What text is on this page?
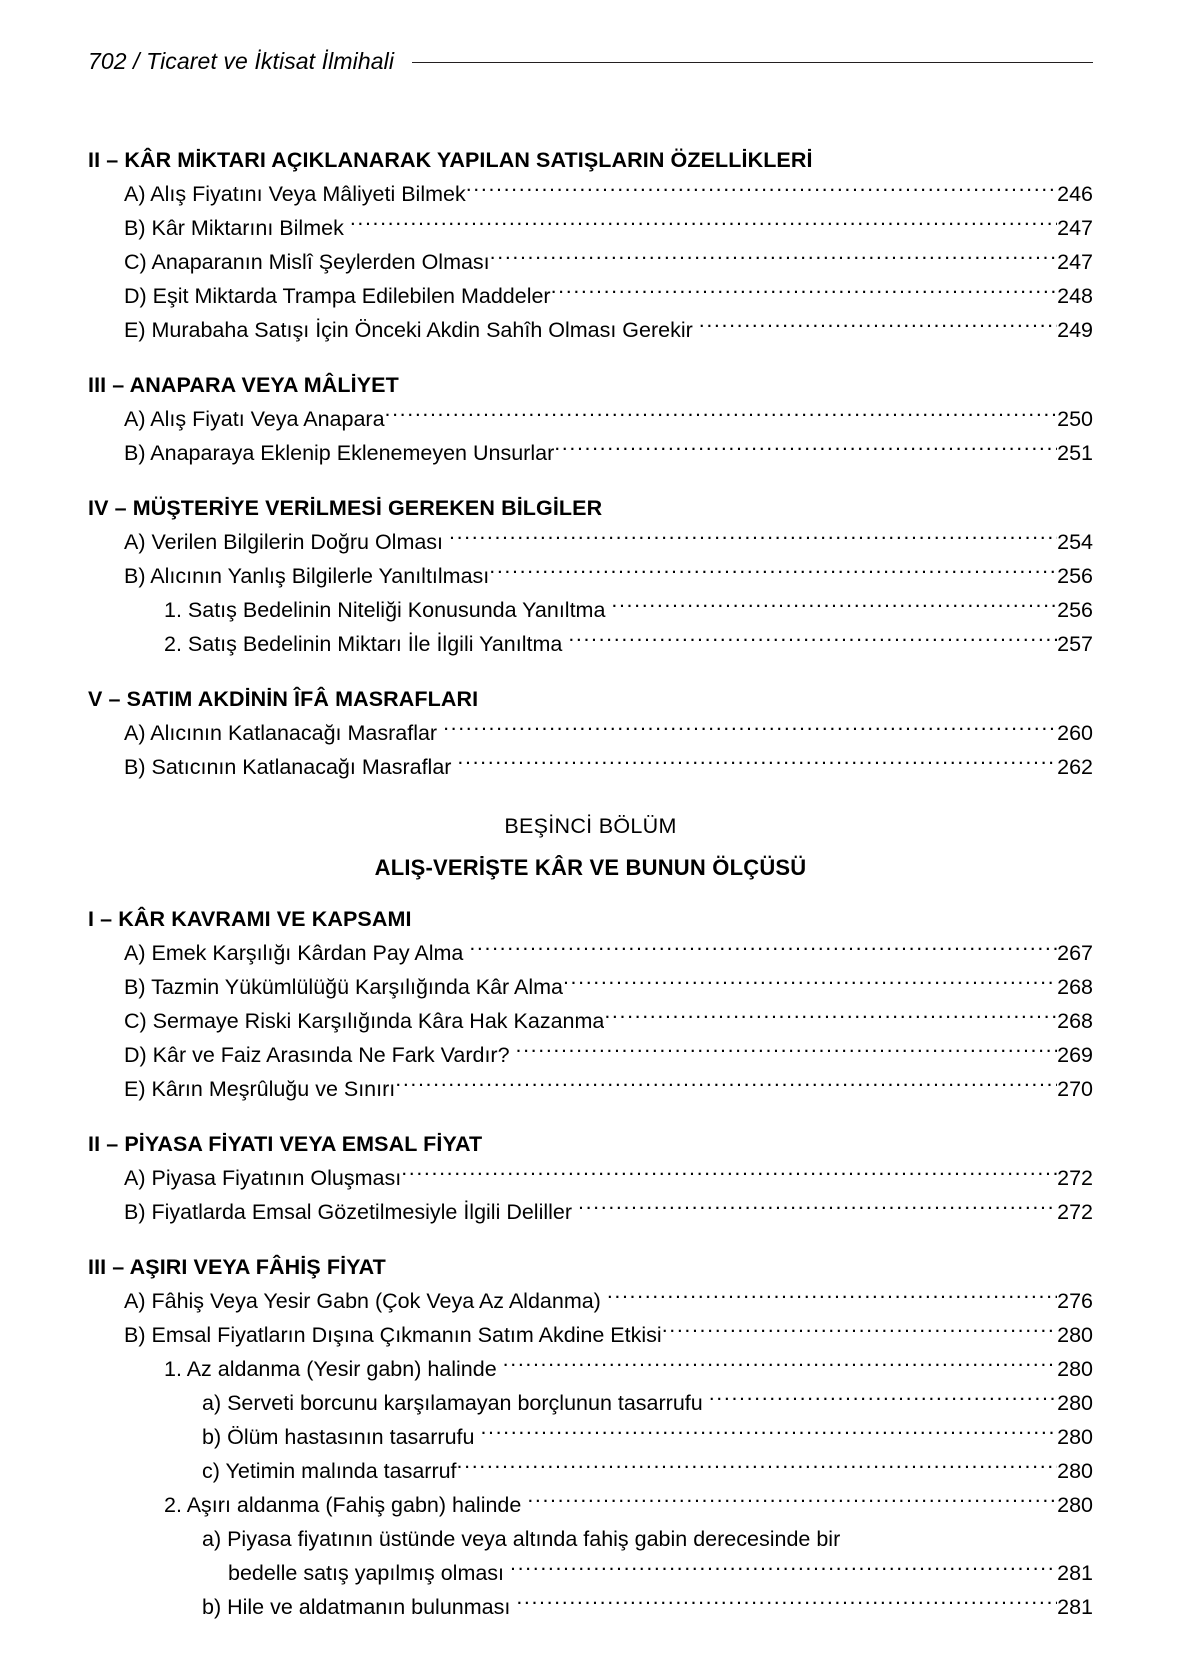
702 / Ticaret ve İktisat İlmihali
II – KÂR MİKTARI AÇIKLANARAK YAPILAN SATIŞLARIN ÖZELLİKLERİ
A) Alış Fiyatını Veya Mâliyeti Bilmek .....	246
B) Kâr Miktarını Bilmek .....	247
C) Anaparanın Mislî Şeylerden Olması .....	247
D) Eşit Miktarda Trampa Edilebilen Maddeler .....	248
E) Murabaha Satışı İçin Önceki Akdin Sahîh Olması Gerekir .....	249
III – ANAPARA VEYA MÂLİYET
A) Alış Fiyatı Veya Anapara .....	250
B) Anaparaya Eklenip Eklenemeyen Unsurlar .....	251
IV – MÜŞTERİYE VERİLMESİ GEREKEN BİLGİLER
A) Verilen Bilgilerin Doğru Olması .....	254
B) Alıcının Yanlış Bilgilerle Yanıltılması .....	256
1. Satış Bedelinin Niteliği Konusunda Yanıltma .....	256
2. Satış Bedelinin Miktarı İle İlgili Yanıltma .....	257
V – SATIM AKDİNİN ÎFÂ MASRAFLARI
A) Alıcının Katlanacağı Masraflar .....	260
B) Satıcının Katlanacağı Masraflar .....	262
BEŞİNCİ BÖLÜM
ALIŞ-VERİŞTE KÂR VE BUNUN ÖLÇÜSÜ
I – KÂR KAVRAMI VE KAPSAMI
A) Emek Karşılığı Kârdan Pay Alma .....	267
B) Tazmin Yükümlülüğü Karşılığında Kâr Alma .....	268
C) Sermaye Riski Karşılığında Kâra Hak Kazanma .....	268
D) Kâr ve Faiz Arasında Ne Fark Vardır? .....	269
E) Kârın Meşrûluğu ve Sınırı .....	270
II – PİYASA FİYATI VEYA EMSAL FİYAT
A) Piyasa Fiyatının Oluşması .....	272
B) Fiyatlarda Emsal Gözetilmesiyle İlgili Deliller .....	272
III – AŞIRI VEYA FÂHİŞ FİYAT
A) Fâhiş Veya Yesir Gabn (Çok Veya Az Aldanma) .....	276
B) Emsal Fiyatların Dışına Çıkmanın Satım Akdine Etkisi .....	280
1. Az aldanma (Yesir gabn) halinde .....	280
a) Serveti borcunu karşılamayan borçlunun tasarrufu .....	280
b) Ölüm hastasının tasarrufu .....	280
c) Yetimin malında tasarruf .....	280
2. Aşırı aldanma (Fahiş gabn) halinde .....	280
a) Piyasa fiyatının üstünde veya altında fahiş gabin derecesinde bir
bedelle satış yapılmış olması .....	281
b) Hile ve aldatmanın bulunması .....	281
